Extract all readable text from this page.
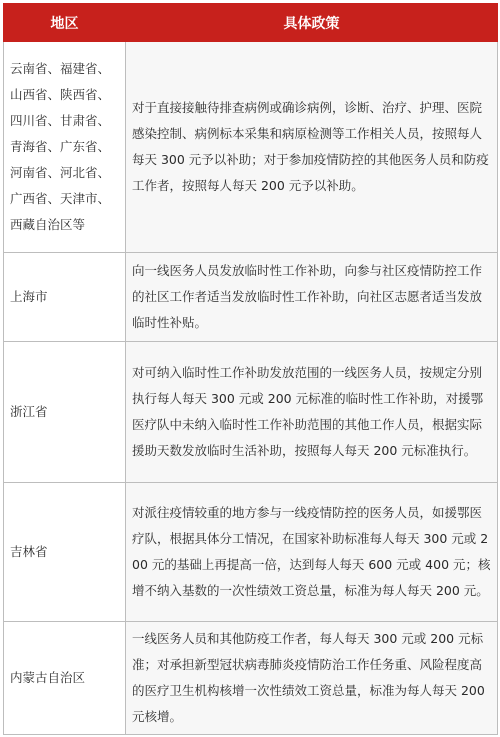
地区	具体政策
云南省、福建省、山西省、陕西省、四川省、甘肃省、青海省、广东省、河南省、河北省、广西省、天津市、西藏自治区等	对于直接接触待排查病例或确诊病例，诊断、治疗、护理、医院感染控制、病例标本采集和病原检测等工作相关人员，按照每人每天 300 元予以补助；对于参加疫情防控的其他医务人员和防疫工作者，按照每人每天 200 元予以补助。
上海市	向一线医务人员发放临时性工作补助，向参与社区疫情防控工作的社区工作者适当发放临时性工作补助，向社区志愿者适当发放临时性补贴。
浙江省	对可纳入临时性工作补助发放范围的一线医务人员，按规定分别执行每人每天 300 元或 200 元标准的临时性工作补助，对援鄂医疗队中未纳入临时性工作补助范围的其他工作人员，根据实际援助天数发放临时生活补助，按照每人每天 200 元标准执行。
吉林省	对派往疫情较重的地方参与一线疫情防控的医务人员，如援鄂医疗队，根据具体分工情况，在国家补助标准每人每天 300 元或 200 元的基础上再提高一倍，达到每人每天 600 元或 400 元；核增不纳入基数的一次性绩效工资总量，标准为每人每天 200 元。
内蒙古自治区	一线医务人员和其他防疫工作者，每人每天 300 元或 200 元标准；对承担新型冠状病毒肺炎疫情防治工作任务重、风险程度高的医疗卫生机构核增一次性绩效工资总量，标准为每人每天 200 元核增。
